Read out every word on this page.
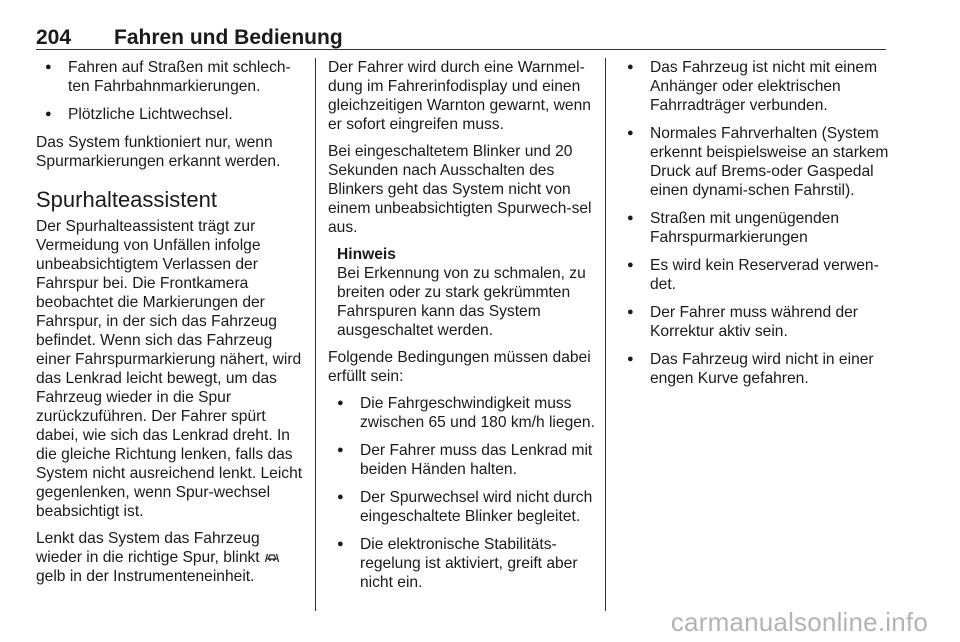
204 Fahren und Bedienung
● Fahren auf Straßen mit schlech-ten Fahrbahnmarkierungen.
● Plötzliche Lichtwechsel.

Das System funktioniert nur, wenn Spurmarkierungen erkannt werden.

Spurhalteassistent

Der Spurhalteassistent trägt zur Vermeidung von Unfällen infolge unbeabsichtigtem Verlassen der Fahrspur bei. Die Frontkamera beobachtet die Markierungen der Fahrspur, in der sich das Fahrzeug befindet. Wenn sich das Fahrzeug einer Fahrspurmarkierung nähert, wird das Lenkrad leicht bewegt, um das Fahrzeug wieder in die Spur zurückzuführen. Der Fahrer spürt dabei, wie sich das Lenkrad dreht. In die gleiche Richtung lenken, falls das System nicht ausreichend lenkt. Leicht gegenlenken, wenn Spur-wechsel beabsichtigt ist.

Lenkt das System das Fahrzeug wieder in die richtige Spur, blinkt  gelb in der Instrumenteneinheit.

Der Fahrer wird durch eine Warnmel-dung im Fahrerinfodisplay und einen gleichzeitigen Warnton gewarnt, wenn er sofort eingreifen muss.

Bei eingeschaltetem Blinker und 20 Sekunden nach Ausschalten des Blinkers geht das System nicht von einem unbeabsichtigten Spurwech-sel aus.

Hinweis
Bei Erkennung von zu schmalen, zu breiten oder zu stark gekrümmten Fahrspuren kann das System ausgeschaltet werden.

Folgende Bedingungen müssen dabei erfüllt sein:

● Die Fahrgeschwindigkeit muss zwischen 65 und 180 km/h liegen.
● Der Fahrer muss das Lenkrad mit beiden Händen halten.
● Der Spurwechsel wird nicht durch eingeschaltete Blinker begleitet.
● Die elektronische Stabilitäts-regelung ist aktiviert, greift aber nicht ein.
● Das Fahrzeug ist nicht mit einem Anhänger oder elektrischen Fahrradträger verbunden.
● Normales Fahrverhalten (System erkennt beispielsweise an starkem Druck auf Brems-oder Gaspedal einen dynami-schen Fahrstil).
● Straßen mit ungenügenden Fahrspurmarkierungen
● Es wird kein Reserverad verwen-det.
● Der Fahrer muss während der Korrektur aktiv sein.
● Das Fahrzeug wird nicht in einer engen Kurve gefahren.
carmanualsonline.info
